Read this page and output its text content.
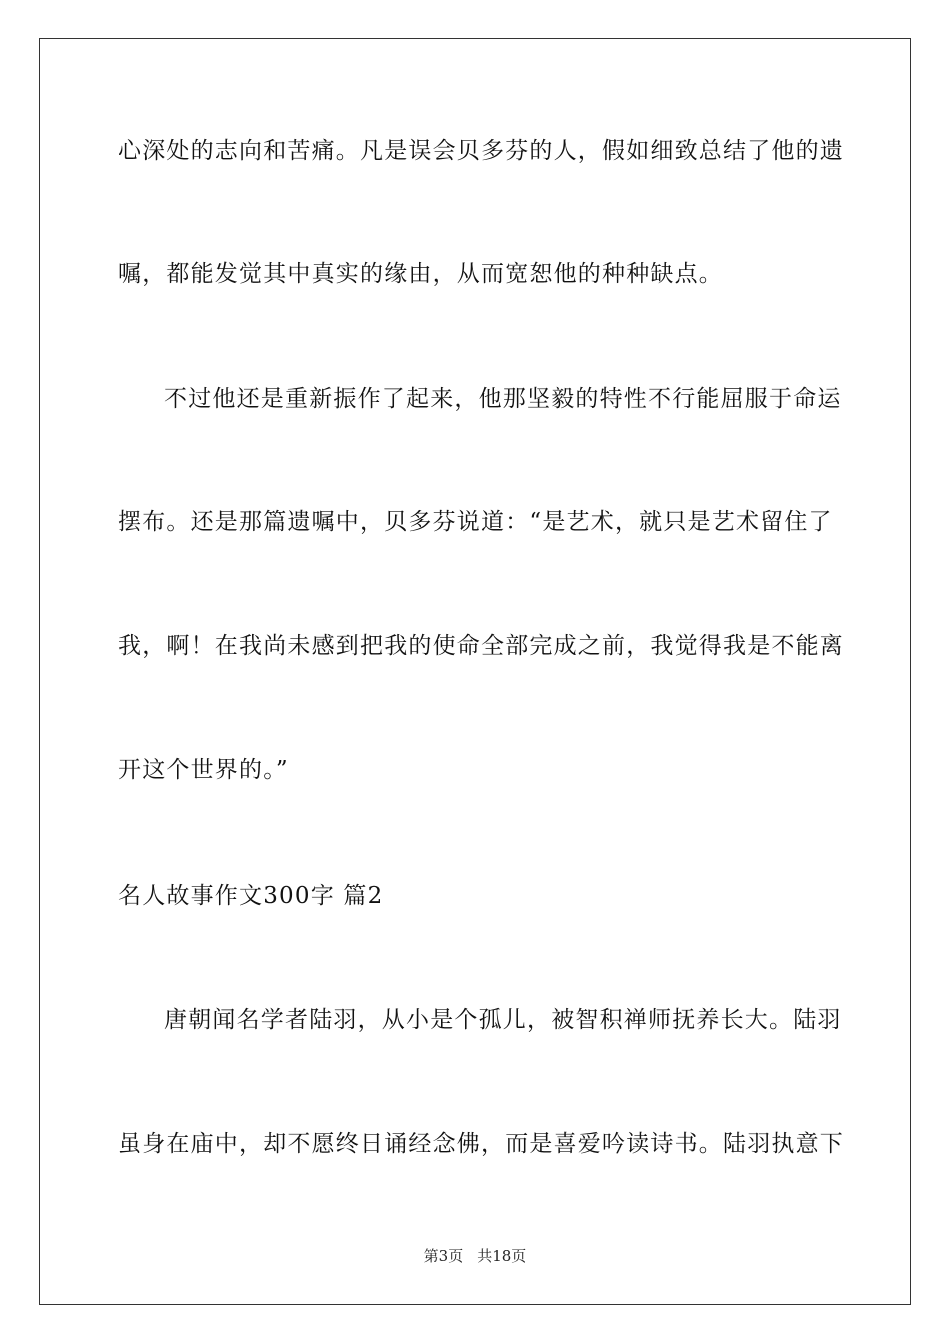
心深处的志向和苦痛。凡是误会贝多芬的人，假如细致总结了他的遗
嘱，都能发觉其中真实的缘由，从而宽恕他的种种缺点。
不过他还是重新振作了起来，他那坚毅的特性不行能屈服于命运
摆布。还是那篇遗嘱中，贝多芬说道：“是艺术，就只是艺术留住了
我，啊！在我尚未感到把我的使命全部完成之前，我觉得我是不能离
开这个世界的。”
名人故事作文300字 篇2
唐朝闻名学者陆羽，从小是个孤儿，被智积禅师抚养长大。陆羽
虽身在庙中，却不愿终日诵经念佛，而是喜爱吟读诗书。陆羽执意下
第3页 共18页
